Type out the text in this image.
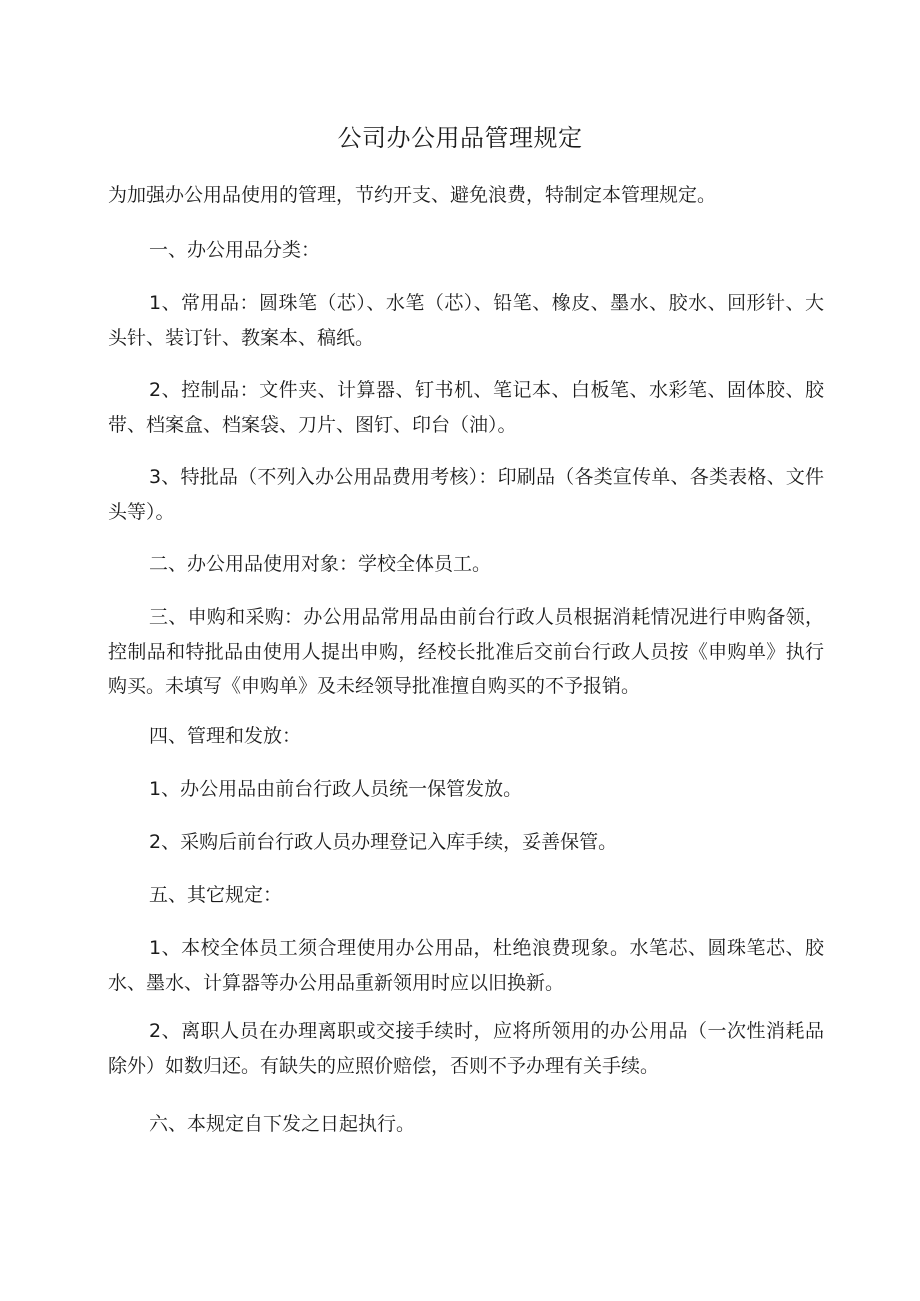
公司办公用品管理规定

为加强办公用品使用的管理，节约开支、避免浪费，特制定本管理规定。

一、办公用品分类：

1、常用品：圆珠笔（芯）、水笔（芯）、铅笔、橡皮、墨水、胶水、回形针、大头针、装订针、教案本、稿纸。

2、控制品：文件夹、计算器、钉书机、笔记本、白板笔、水彩笔、固体胶、胶带、档案盒、档案袋、刀片、图钉、印台（油）。

3、特批品（不列入办公用品费用考核）：印刷品（各类宣传单、各类表格、文件头等）。

二、办公用品使用对象：学校全体员工。

三、申购和采购：办公用品常用品由前台行政人员根据消耗情况进行申购备领，控制品和特批品由使用人提出申购，经校长批准后交前台行政人员按《申购单》执行购买。未填写《申购单》及未经领导批准擅自购买的不予报销。

四、管理和发放：

1、办公用品由前台行政人员统一保管发放。

2、采购后前台行政人员办理登记入库手续，妥善保管。

五、其它规定：

1、本校全体员工须合理使用办公用品，杜绝浪费现象。水笔芯、圆珠笔芯、胶水、墨水、计算器等办公用品重新领用时应以旧换新。

2、离职人员在办理离职或交接手续时，应将所领用的办公用品（一次性消耗品除外）如数归还。有缺失的应照价赔偿，否则不予办理有关手续。

六、本规定自下发之日起执行。
